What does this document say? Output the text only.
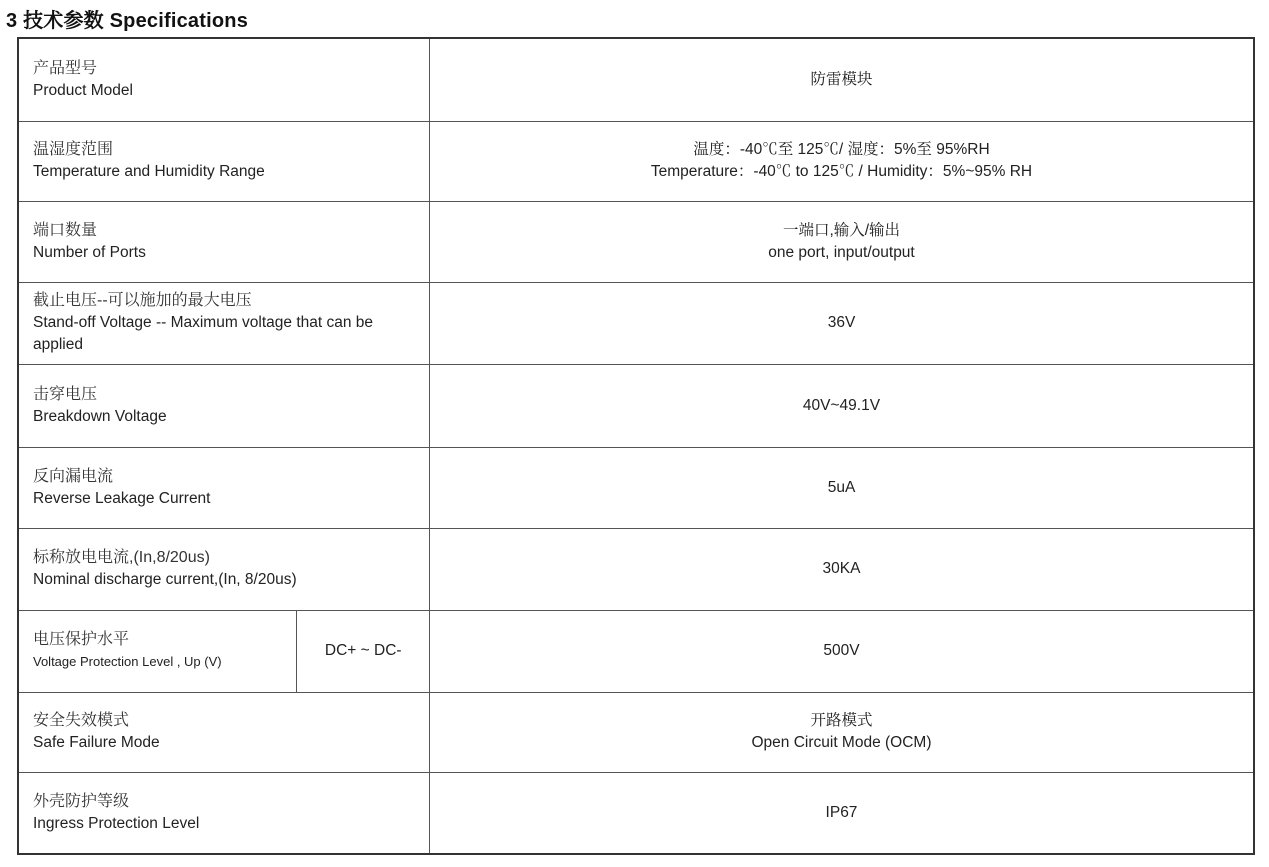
3 技术参数 Specifications
产品型号
Product Model		防雷模块

温湿度范围
Temperature and Humidity Range		温度：-40℃至 125℃/ 湿度：5%至 95%RH
Temperature：-40℃ to 125℃ / Humidity：5%~95% RH

端口数量
Number of Ports		一端口,输入/输出
one port, input/output

截止电压--可以施加的最大电压
Stand-off Voltage -- Maximum voltage that can be applied		36V

击穿电压
Breakdown Voltage		40V~49.1V

反向漏电流
Reverse Leakage Current		5uA

标称放电电流,(In,8/20us)
Nominal discharge current,(In, 8/20us)		30KA

电压保护水平
Voltage Protection Level , Up (V)	DC+ ~ DC-	500V

安全失效模式
Safe Failure Mode		开路模式
Open Circuit Mode (OCM)

外壳防护等级
Ingress Protection Level		IP67
